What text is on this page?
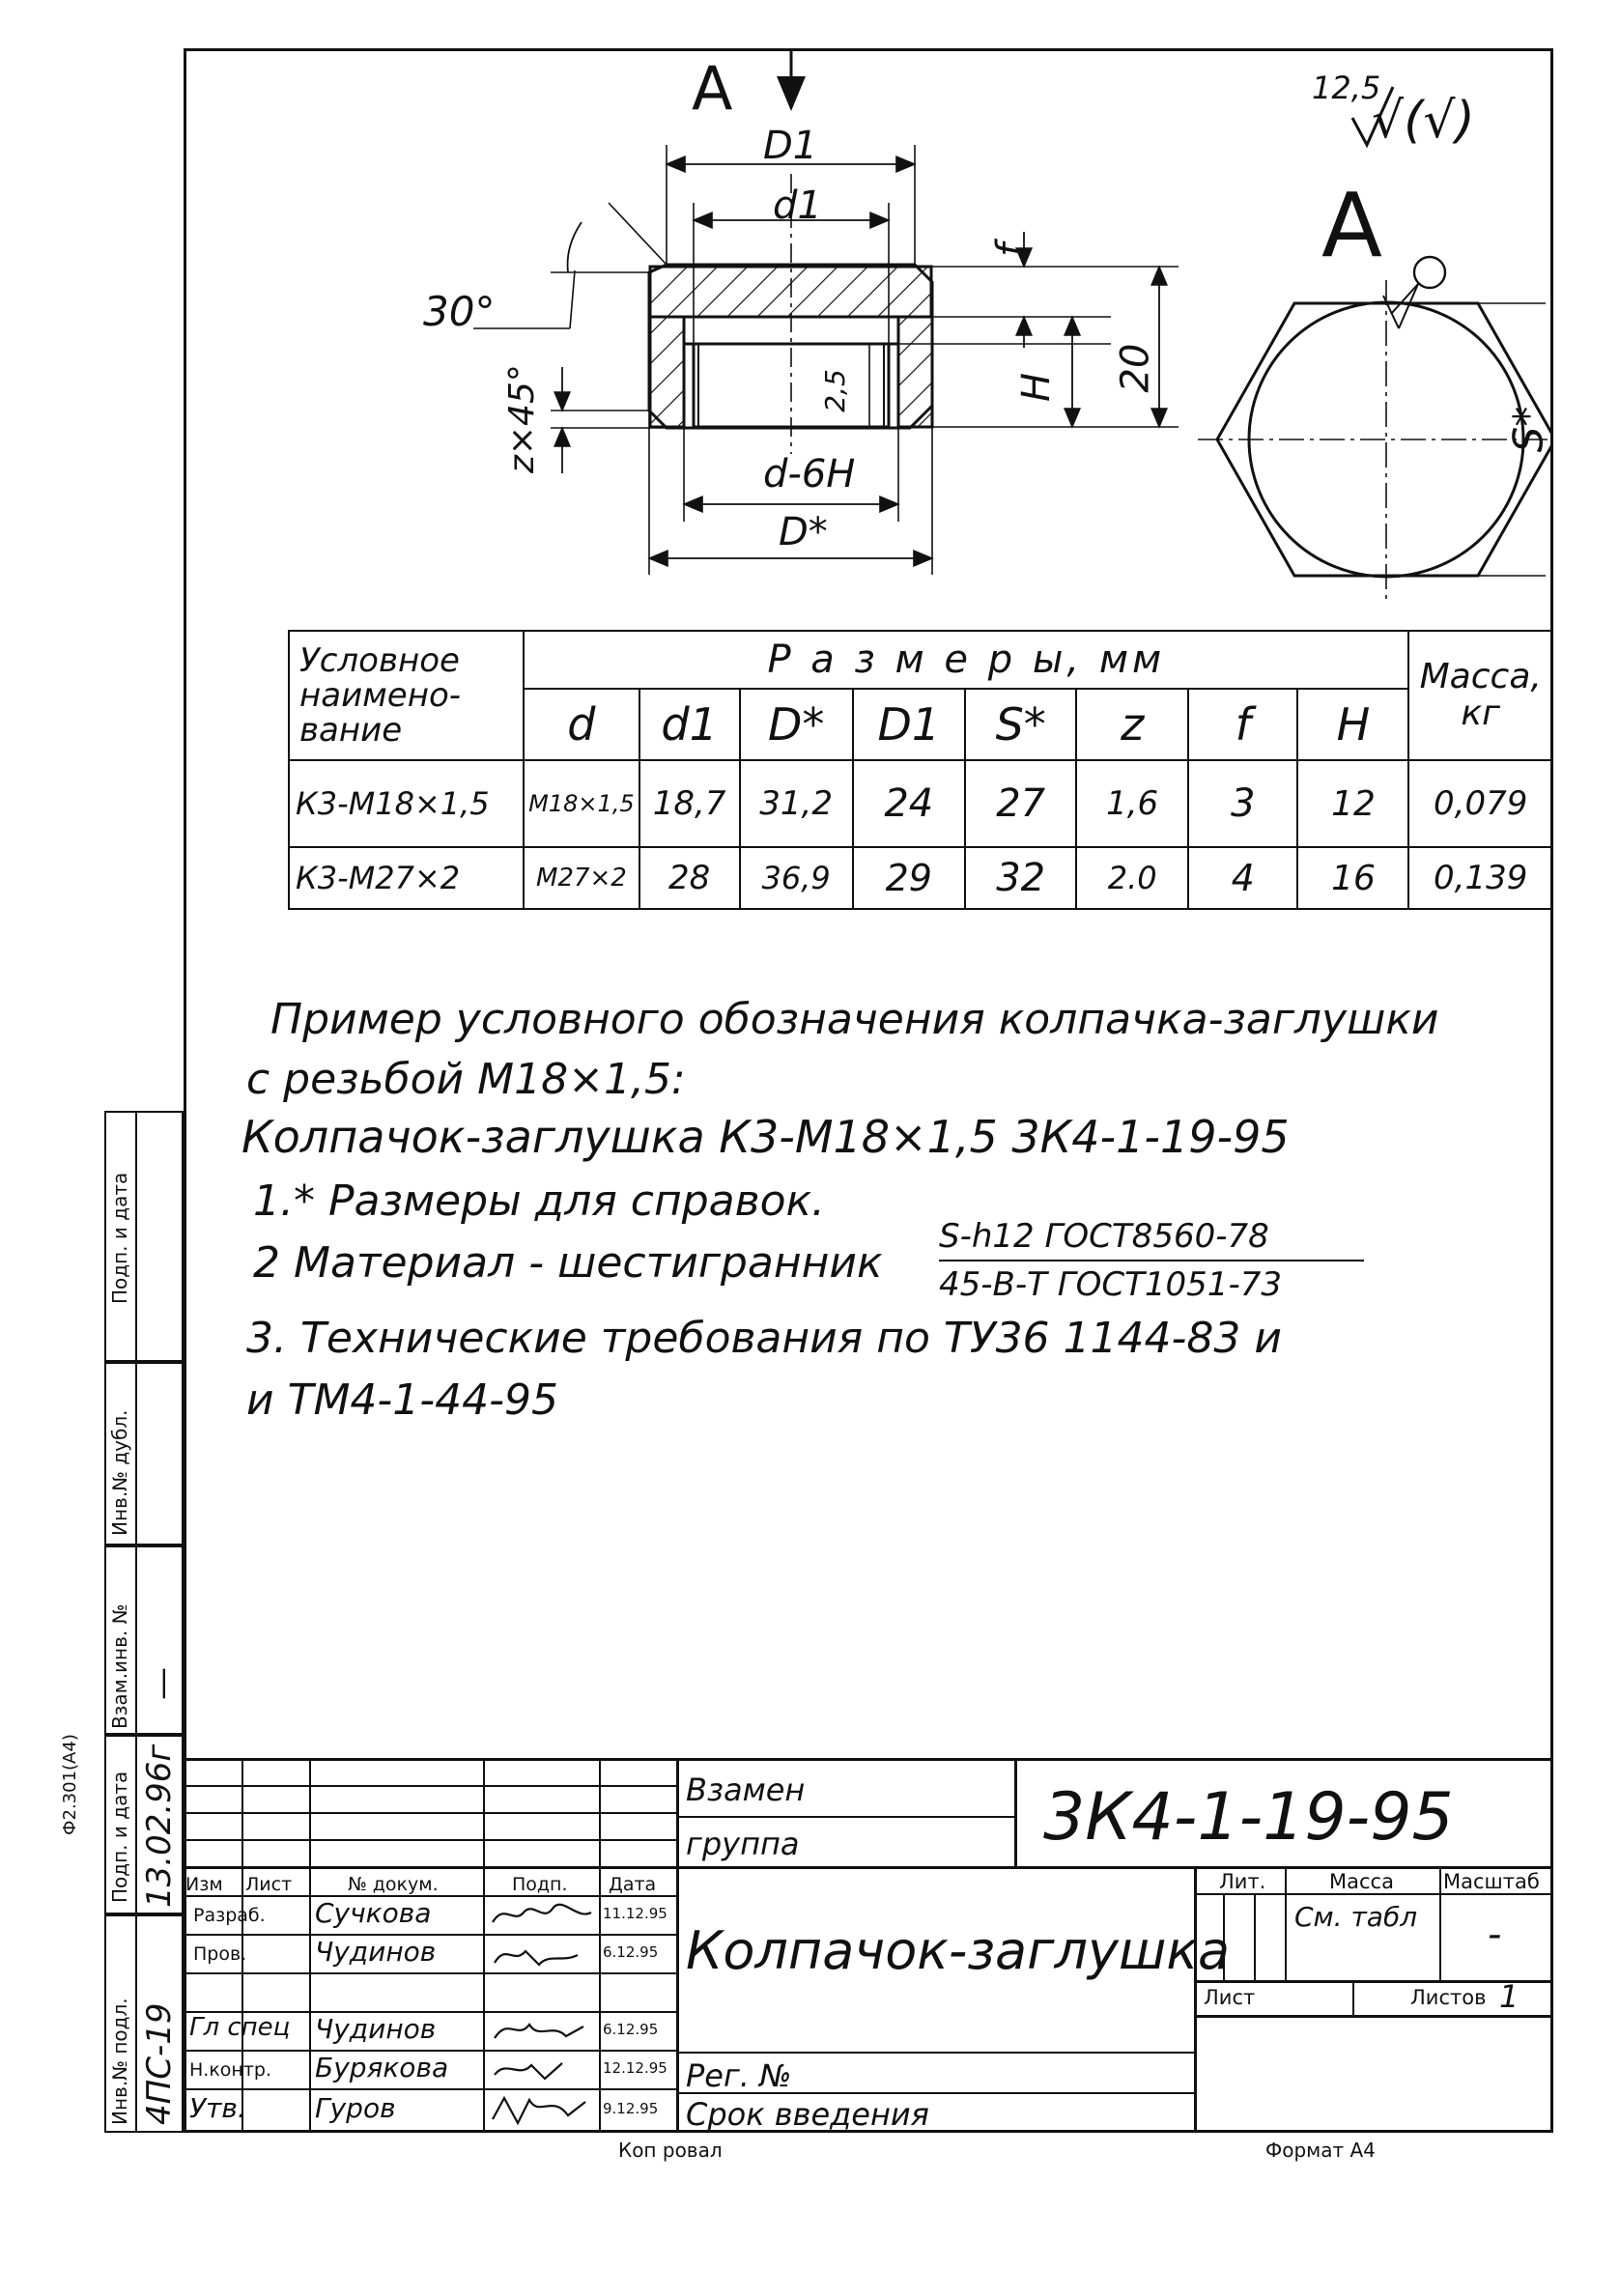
A
A
12,5
√(√)
D1
d1
f
30°
2,5	H 20
z×45°
d-6H
D*
S*
Условное наимено-вание	Р а з м е р ы, мм								Масса, кг
	d	d1	D*	D1	S*	z	f	H	
К3-М18×1,5	М18×1,5	18,7	31,2	24	27	1,6	3	12	0,079
К3-М27×2	М27×2	28	36,9	29	32	2.0	4	16	0,139
Пример условного обозначения колпачка-заглушки
с резьбой М18×1,5:
Колпачок-заглушка К3-М18×1,5 3К4-1-19-95
1.* Размеры для справок.
2 Материал - шестигранник
S-h12 ГОСТ8560-78
45-В-Т ГОСТ1051-73
3. Технические требования по ТУ36 1144-83 и
и ТМ4-1-44-95
Инв.№ подл. 4ПС-19
Подп. и дата 13.02.96г
Взам.инв. № —
Инв.№ дубл.
Подп. и дата
Ф2.301(А4)
Изм Лист	№ докум.	Подп. Дата
Разраб. Сучкова	11.12.95
Пров.	Чудинов	6.12.95
Гл спец Чудинов	6.12.95
Н.контр. Бурякова	12.12.95
Утв.	Гуров	9.12.95
Взамен
группа	3К4-1-19-95
Колпачок-заглушка
Рег. №
Срок введения
Лит.	Масса Масштаб
См. табл	-
Лист	Листов 1
Коп ровал	Формат А4
